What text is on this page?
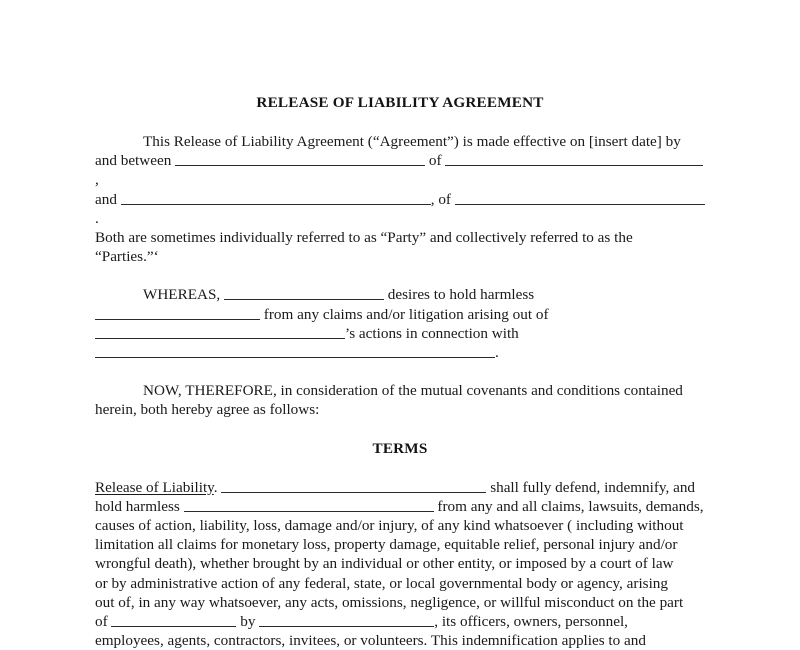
RELEASE OF LIABILITY AGREEMENT

This Release of Liability Agreement (“Agreement”) is made effective on [insert date] by
and between	of ,
and	, of .
Both are sometimes individually referred to as “Party” and collectively referred to as the
“Parties.”‘

WHEREAS,	desires to hold harmless
from any claims and/or litigation arising out of
’s actions in connection with
.

NOW, THEREFORE, in consideration of the mutual covenants and conditions contained
herein, both hereby agree as follows:

TERMS

Release of Liability.	shall fully defend, indemnify, and
hold harmless	from any and all claims, lawsuits, demands,
causes of action, liability, loss, damage and/or injury, of any kind whatsoever ( including without
limitation all claims for monetary loss, property damage, equitable relief, personal injury and/or
wrongful death), whether brought by an individual or other entity, or imposed by a court of law
or by administrative action of any federal, state, or local governmental body or agency, arising
out of, in any way whatsoever, any acts, omissions, negligence, or willful misconduct on the part
of	by	, its officers, owners, personnel,
employees, agents, contractors, invitees, or volunteers. This indemnification applies to and
